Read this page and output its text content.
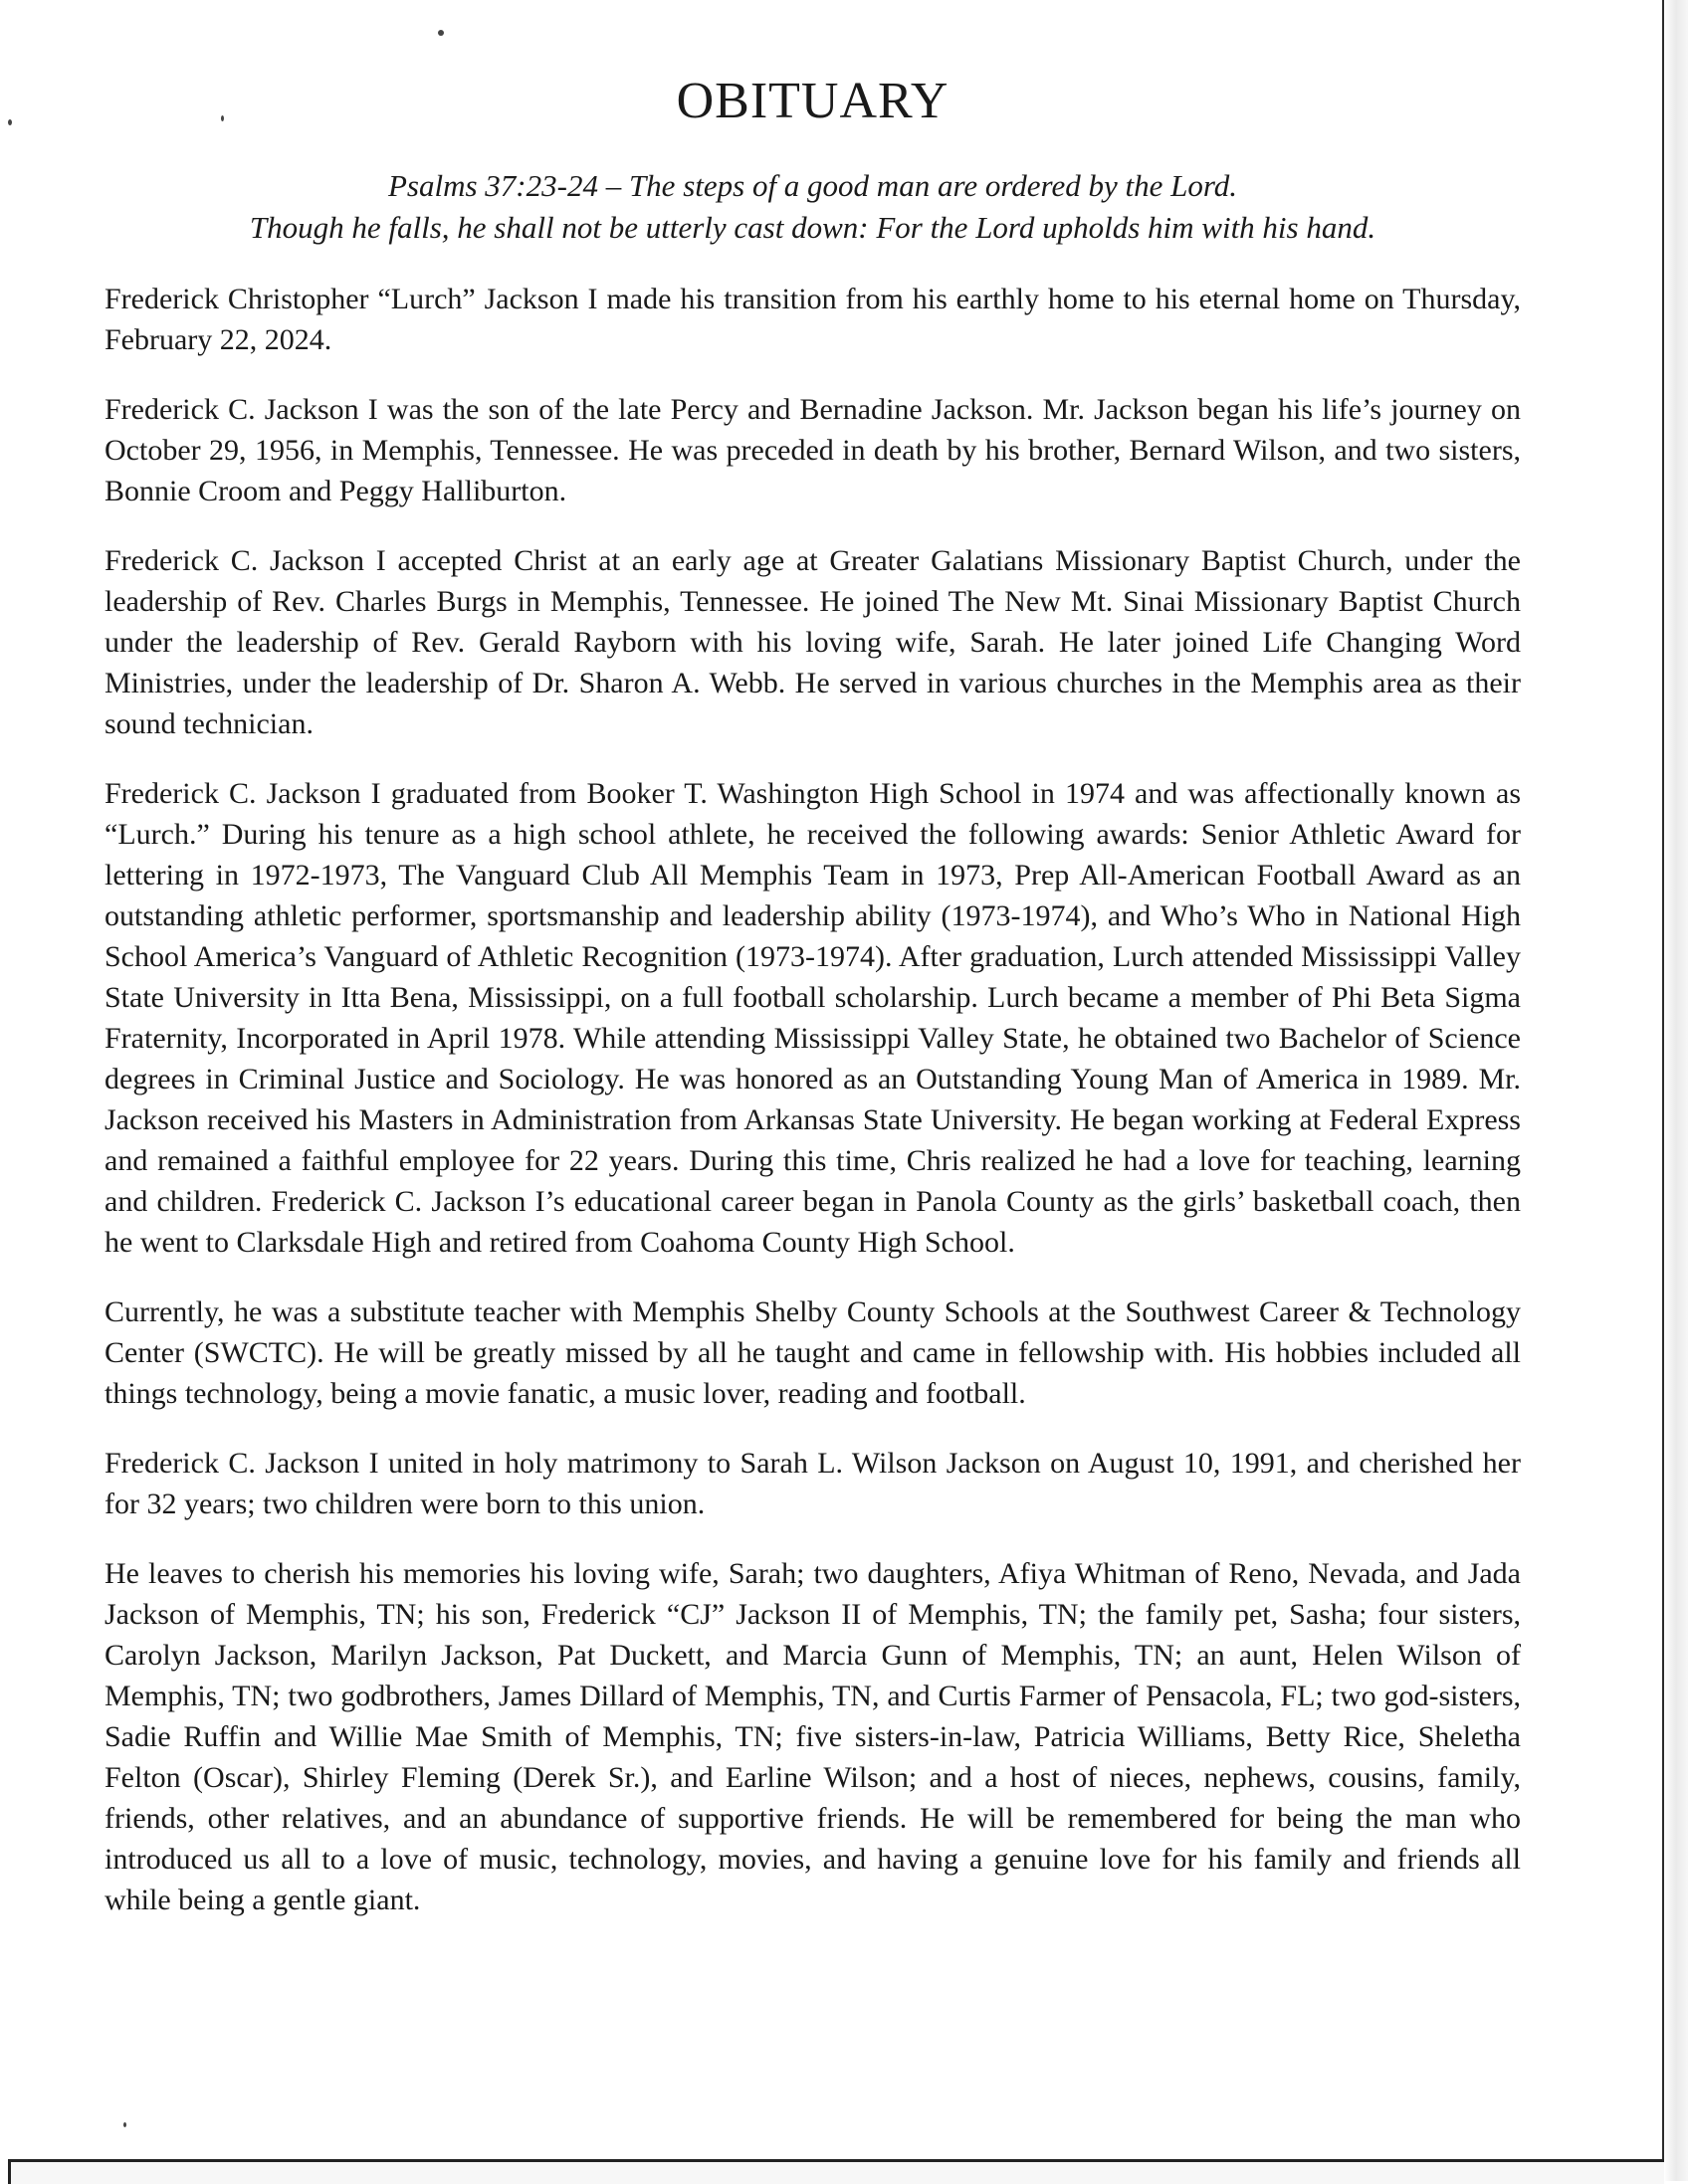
OBITUARY
Psalms 37:23-24 – The steps of a good man are ordered by the Lord.
Though he falls, he shall not be utterly cast down: For the Lord upholds him with his hand.

Frederick Christopher “Lurch” Jackson I made his transition from his earthly home to his eternal home on Thursday, February 22, 2024.

Frederick C. Jackson I was the son of the late Percy and Bernadine Jackson. Mr. Jackson began his life’s journey on October 29, 1956, in Memphis, Tennessee. He was preceded in death by his brother, Bernard Wilson, and two sisters, Bonnie Croom and Peggy Halliburton.

Frederick C. Jackson I accepted Christ at an early age at Greater Galatians Missionary Baptist Church, under the leadership of Rev. Charles Burgs in Memphis, Tennessee. He joined The New Mt. Sinai Missionary Baptist Church under the leadership of Rev. Gerald Rayborn with his loving wife, Sarah. He later joined Life Changing Word Ministries, under the leadership of Dr. Sharon A. Webb. He served in various churches in the Memphis area as their sound technician.

Frederick C. Jackson I graduated from Booker T. Washington High School in 1974 and was affectionally known as “Lurch.” During his tenure as a high school athlete, he received the following awards: Senior Athletic Award for lettering in 1972-1973, The Vanguard Club All Memphis Team in 1973, Prep All-American Football Award as an outstanding athletic performer, sportsmanship and leadership ability (1973-1974), and Who’s Who in National High School America’s Vanguard of Athletic Recognition (1973-1974). After graduation, Lurch attended Mississippi Valley State University in Itta Bena, Mississippi, on a full football scholarship. Lurch became a member of Phi Beta Sigma Fraternity, Incorporated in April 1978. While attending Mississippi Valley State, he obtained two Bachelor of Science degrees in Criminal Justice and Sociology. He was honored as an Outstanding Young Man of America in 1989. Mr. Jackson received his Masters in Administration from Arkansas State University. He began working at Federal Express and remained a faithful employee for 22 years. During this time, Chris realized he had a love for teaching, learning and children. Frederick C. Jackson I’s educational career began in Panola County as the girls’ basketball coach, then he went to Clarksdale High and retired from Coahoma County High School.

Currently, he was a substitute teacher with Memphis Shelby County Schools at the Southwest Career & Technology Center (SWCTC). He will be greatly missed by all he taught and came in fellowship with. His hobbies included all things technology, being a movie fanatic, a music lover, reading and football.

Frederick C. Jackson I united in holy matrimony to Sarah L. Wilson Jackson on August 10, 1991, and cherished her for 32 years; two children were born to this union.

He leaves to cherish his memories his loving wife, Sarah; two daughters, Afiya Whitman of Reno, Nevada, and Jada Jackson of Memphis, TN; his son, Frederick “CJ” Jackson II of Memphis, TN; the family pet, Sasha; four sisters, Carolyn Jackson, Marilyn Jackson, Pat Duckett, and Marcia Gunn of Memphis, TN; an aunt, Helen Wilson of Memphis, TN; two godbrothers, James Dillard of Memphis, TN, and Curtis Farmer of Pensacola, FL; two god-sisters, Sadie Ruffin and Willie Mae Smith of Memphis, TN; five sisters-in-law, Patricia Williams, Betty Rice, Sheletha Felton (Oscar), Shirley Fleming (Derek Sr.), and Earline Wilson; and a host of nieces, nephews, cousins, family, friends, other relatives, and an abundance of supportive friends. He will be remembered for being the man who introduced us all to a love of music, technology, movies, and having a genuine love for his family and friends all while being a gentle giant.
